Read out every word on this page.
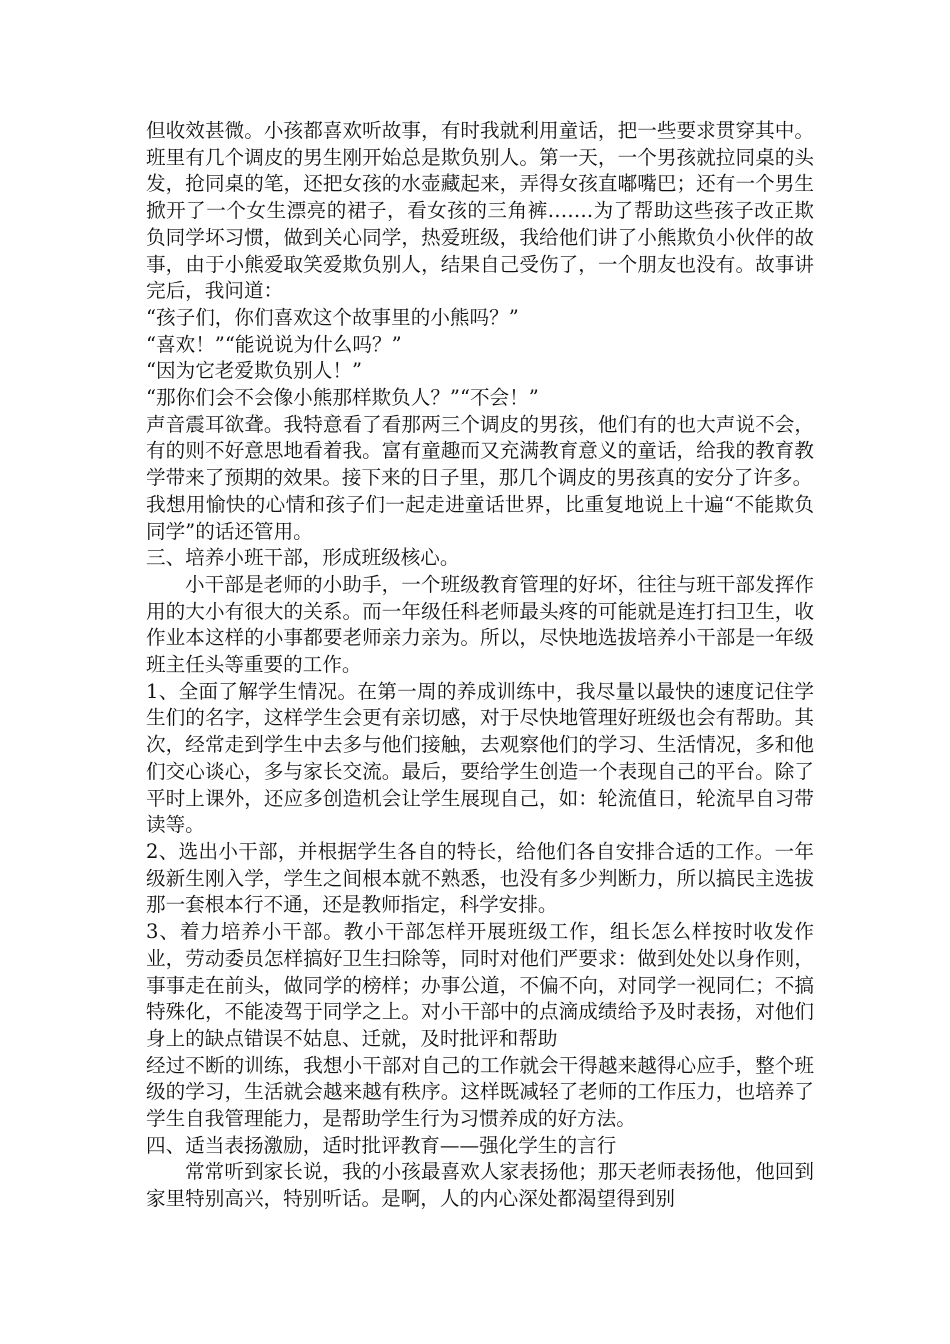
但收效甚微。小孩都喜欢听故事，有时我就利用童话，把一些要求贯穿其中。班里有几个调皮的男生刚开始总是欺负别人。第一天，一个男孩就拉同桌的头发，抢同桌的笔，还把女孩的水壶藏起来，弄得女孩直嘟嘴巴；还有一个男生掀开了一个女生漂亮的裙子，看女孩的三角裤…….为了帮助这些孩子改正欺负同学坏习惯，做到关心同学，热爱班级，我给他们讲了小熊欺负小伙伴的故事，由于小熊爱取笑爱欺负别人，结果自己受伤了，一个朋友也没有。故事讲完后，我问道：

“孩子们，你们喜欢这个故事里的小熊吗？”

“喜欢！”“能说说为什么吗？”

“因为它老爱欺负别人！”

“那你们会不会像小熊那样欺负人？”“不会！”

声音震耳欲聋。我特意看了看那两三个调皮的男孩，他们有的也大声说不会，有的则不好意思地看着我。富有童趣而又充满教育意义的童话，给我的教育教学带来了预期的效果。接下来的日子里，那几个调皮的男孩真的安分了许多。

我想用愉快的心情和孩子们一起走进童话世界，比重复地说上十遍“不能欺负同学”的话还管用。

三、培养小班干部，形成班级核心。

小干部是老师的小助手，一个班级教育管理的好坏，往往与班干部发挥作用的大小有很大的关系。而一年级任科老师最头疼的可能就是连打扫卫生，收作业本这样的小事都要老师亲力亲为。所以，尽快地选拔培养小干部是一年级班主任头等重要的工作。

1、全面了解学生情况。在第一周的养成训练中，我尽量以最快的速度记住学生们的名字，这样学生会更有亲切感，对于尽快地管理好班级也会有帮助。其次，经常走到学生中去多与他们接触，去观察他们的学习、生活情况，多和他们交心谈心，多与家长交流。最后，要给学生创造一个表现自己的平台。除了平时上课外，还应多创造机会让学生展现自己，如：轮流值日，轮流早自习带读等。

2、选出小干部，并根据学生各自的特长，给他们各自安排合适的工作。一年级新生刚入学，学生之间根本就不熟悉，也没有多少判断力，所以搞民主选拔那一套根本行不通，还是教师指定，科学安排。

3、着力培养小干部。教小干部怎样开展班级工作，组长怎么样按时收发作业，劳动委员怎样搞好卫生扫除等，同时对他们严要求：做到处处以身作则，事事走在前头，做同学的榜样；办事公道，不偏不向，对同学一视同仁；不搞特殊化，不能凌驾于同学之上。对小干部中的点滴成绩给予及时表扬，对他们身上的缺点错误不姑息、迁就，及时批评和帮助

经过不断的训练，我想小干部对自己的工作就会干得越来越得心应手，整个班级的学习，生活就会越来越有秩序。这样既减轻了老师的工作压力，也培养了学生自我管理能力，是帮助学生行为习惯养成的好方法。

四、适当表扬激励，适时批评教育——强化学生的言行

常常听到家长说，我的小孩最喜欢人家表扬他；那天老师表扬他，他回到家里特别高兴，特别听话。是啊，人的内心深处都渴望得到别
